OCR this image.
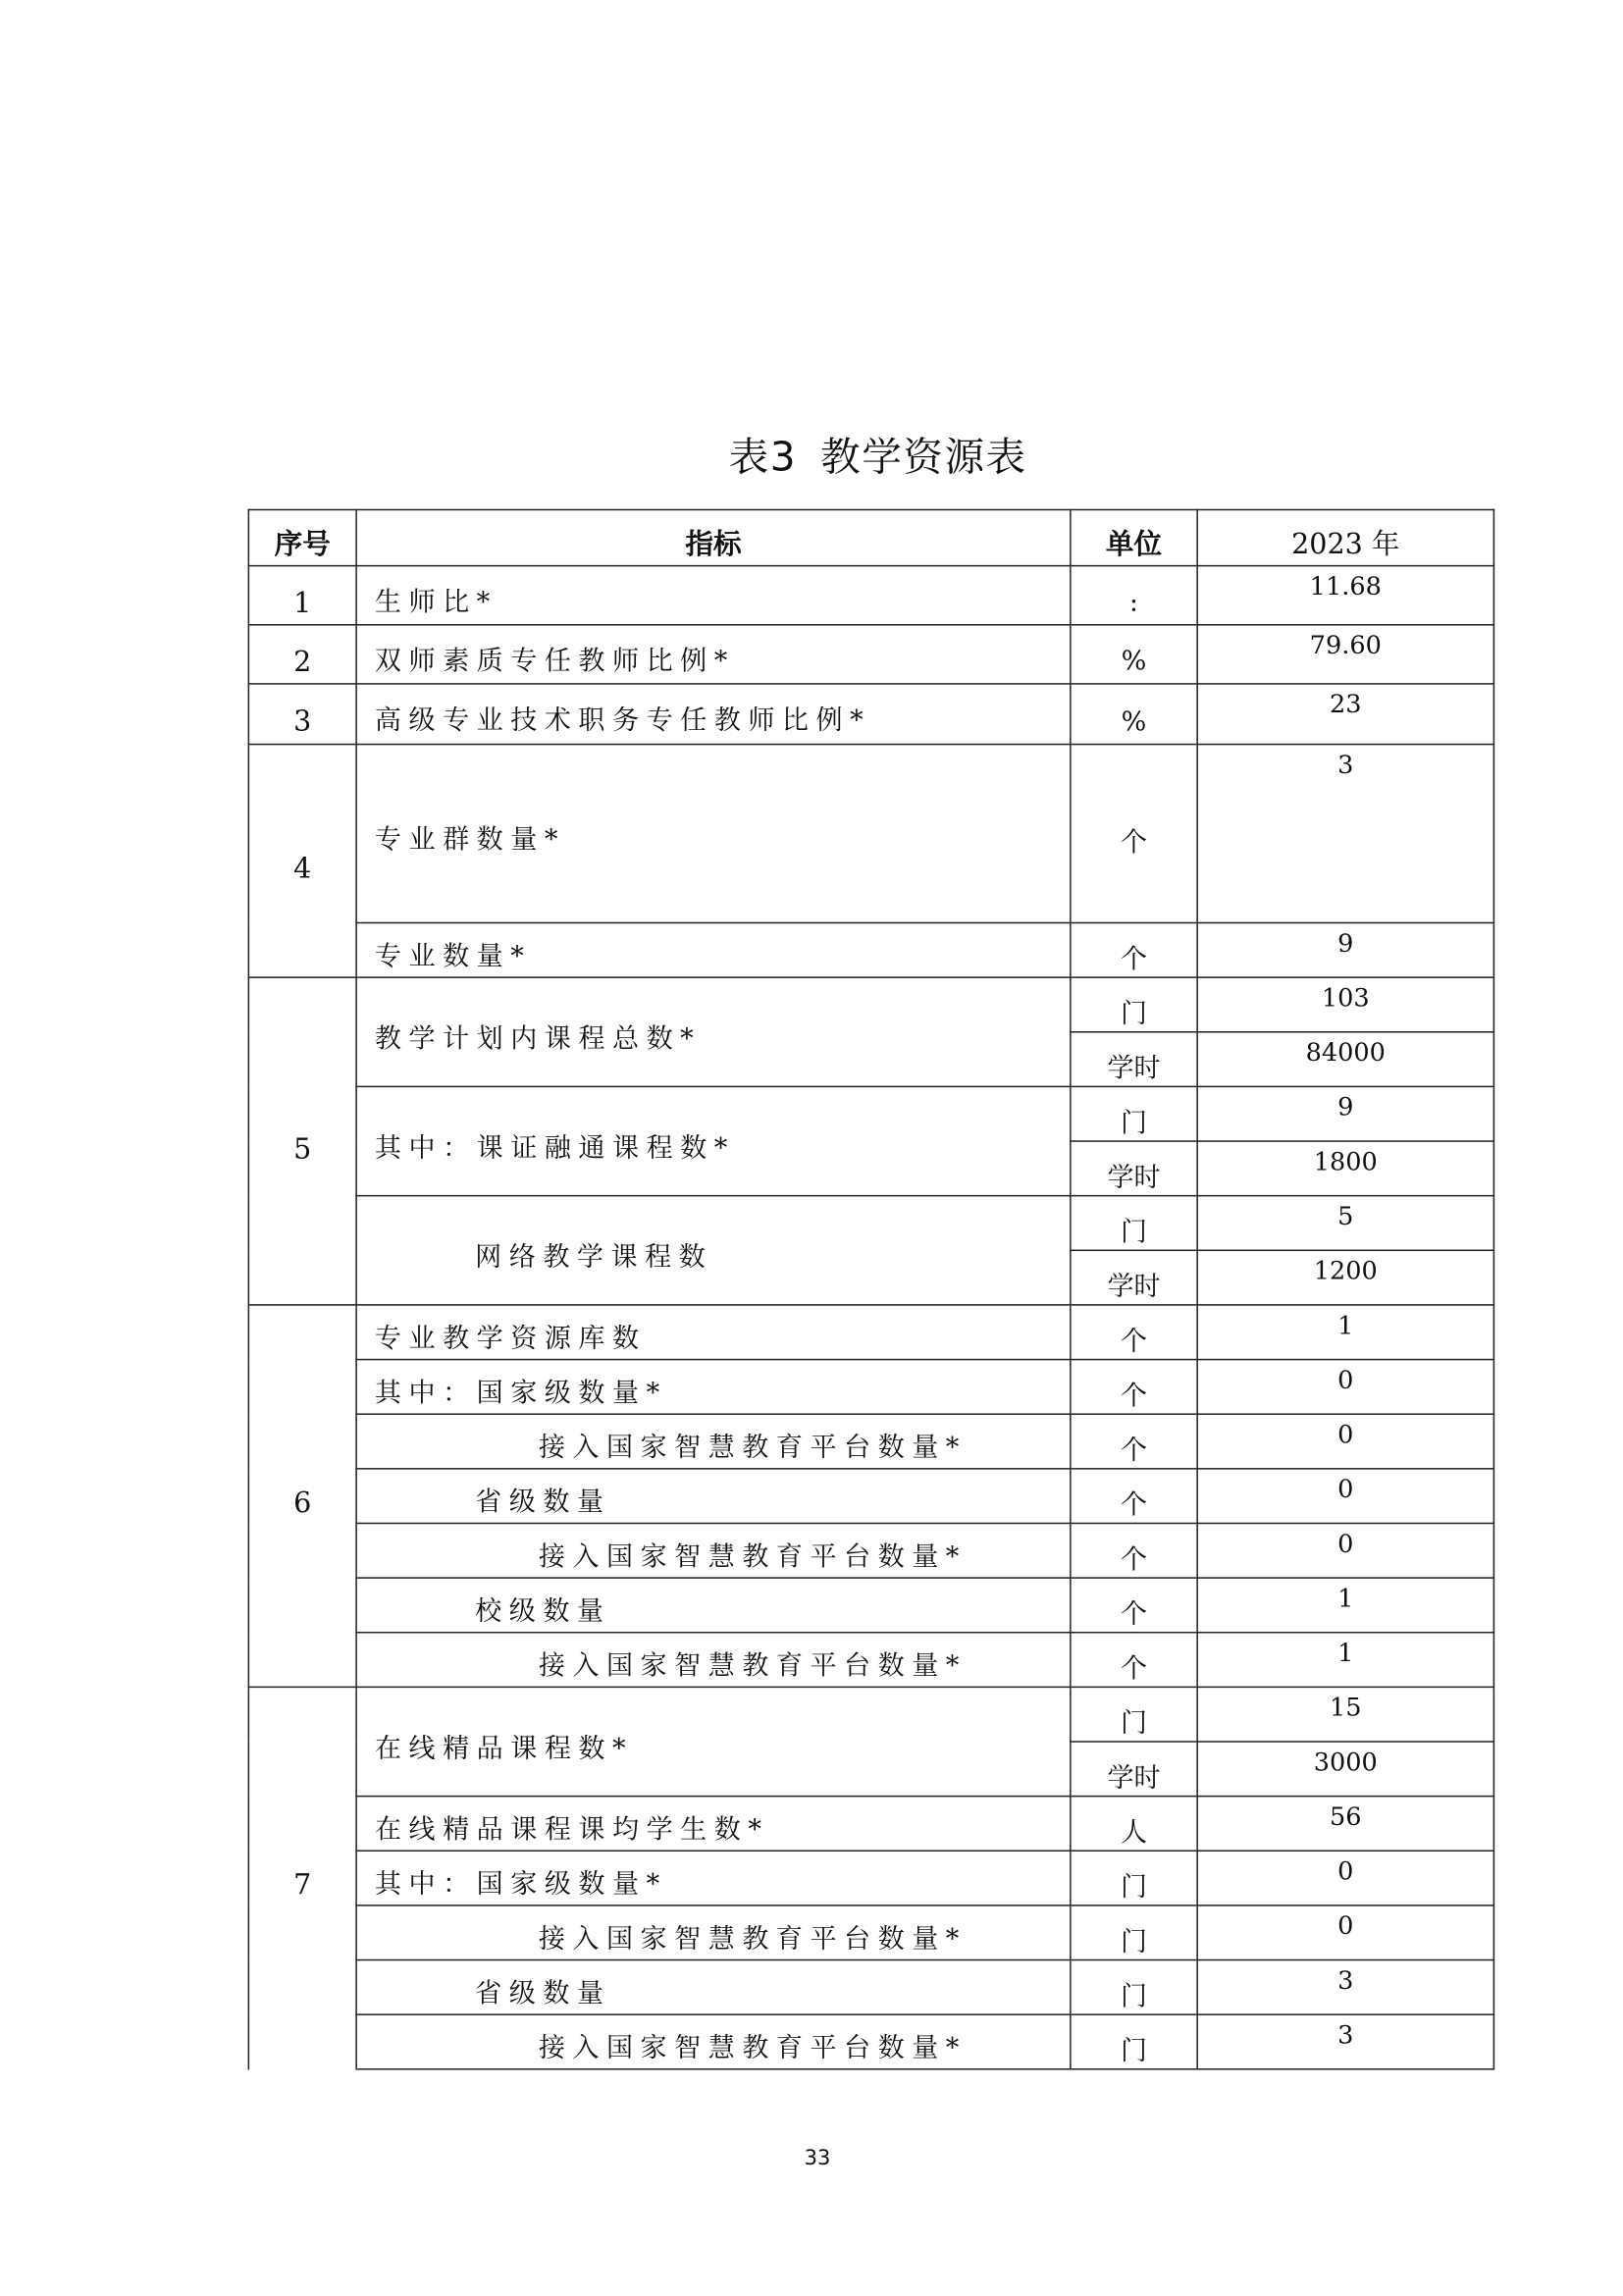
表3 教学资源表
序号	指标	单位	2023 年
1	生师比*	:	11.68
2	双师素质专任教师比例*	%	79.60
3	高级专业技术职务专任教师比例*	%	23
4	专业群数量*	个	3
	专业数量*	个	9
5	教学计划内课程总数*	门	103
		学时	84000
	其中：课证融通课程数*	门	9
		学时	1800
	网络教学课程数	门	5
		学时	1200
6	专业教学资源库数	个	1
	其中：国家级数量*	个	0
	接入国家智慧教育平台数量*	个	0
	省级数量	个	0
	接入国家智慧教育平台数量*	个	0
	校级数量	个	1
	接入国家智慧教育平台数量*	个	1
7	在线精品课程数*	门	15
		学时	3000
	在线精品课程课均学生数*	人	56
	其中：国家级数量*	门	0
	接入国家智慧教育平台数量*	门	0
	省级数量	门	3
	接入国家智慧教育平台数量*	门	3
33
